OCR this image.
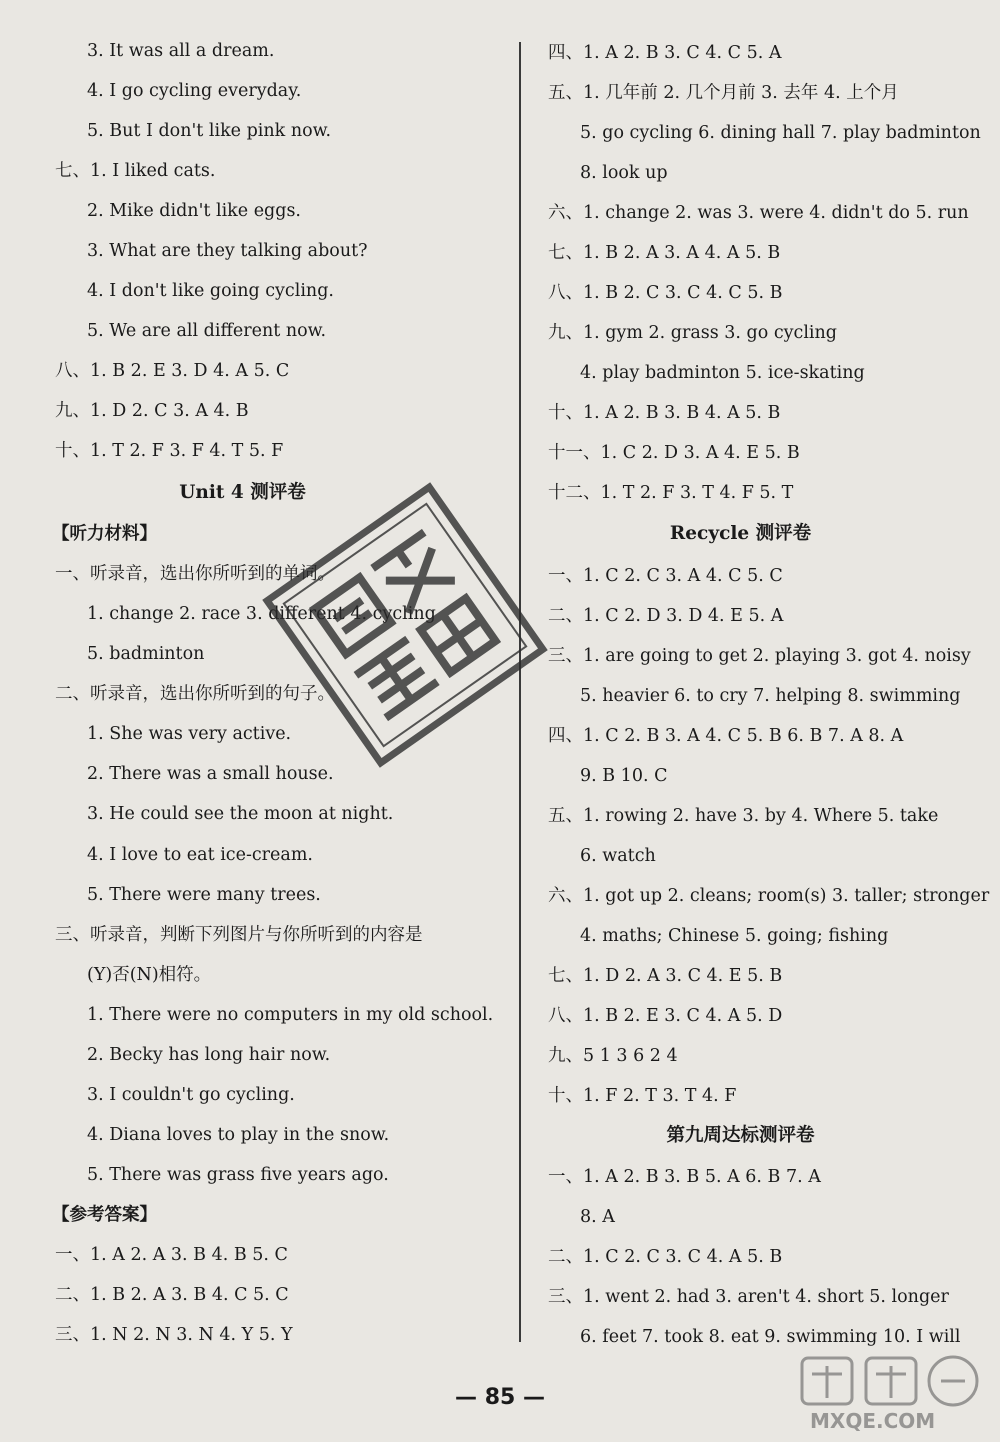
3. It was all a dream.
4. I go cycling everyday.
5. But I don't like pink now.
七、1. I liked cats.
2. Mike didn't like eggs.
3. What are they talking about?
4. I don't like going cycling.
5. We are all different now.
八、1. B 2. E 3. D 4. A 5. C
九、1. D 2. C 3. A 4. B
十、1. T 2. F 3. F 4. T 5. F
Unit 4 测评卷
【听力材料】
一、听录音，选出你所听到的单词。
1. change 2. race 3. different 4. cycling
5. badminton
二、听录音，选出你所听到的句子。
1. She was very active.
2. There was a small house.
3. He could see the moon at night.
4. I love to eat ice-cream.
5. There were many trees.
三、听录音，判断下列图片与你所听到的内容是
(Y)否(N)相符。
1. There were no computers in my old school.
2. Becky has long hair now.
3. I couldn't go cycling.
4. Diana loves to play in the snow.
5. There was grass five years ago.
【参考答案】
一、1. A 2. A 3. B 4. B 5. C
二、1. B 2. A 3. B 4. C 5. C
三、1. N 2. N 3. N 4. Y 5. Y
四、1. A 2. B 3. C 4. C 5. A
五、1. 几年前 2. 几个月前 3. 去年 4. 上个月
5. go cycling 6. dining hall 7. play badminton
8. look up
六、1. change 2. was 3. were 4. didn't do 5. run
七、1. B 2. A 3. A 4. A 5. B
八、1. B 2. C 3. C 4. C 5. B
九、1. gym 2. grass 3. go cycling
4. play badminton 5. ice-skating
十、1. A 2. B 3. B 4. A 5. B
十一、1. C 2. D 3. A 4. E 5. B
十二、1. T 2. F 3. T 4. F 5. T
Recycle 测评卷
一、1. C 2. C 3. A 4. C 5. C
二、1. C 2. D 3. D 4. E 5. A
三、1. are going to get 2. playing 3. got 4. noisy
5. heavier 6. to cry 7. helping 8. swimming
四、1. C 2. B 3. A 4. C 5. B 6. B 7. A 8. A
9. B 10. C
五、1. rowing 2. have 3. by 4. Where 5. take
6. watch
六、1. got up 2. cleans; room(s) 3. taller; stronger
4. maths; Chinese 5. going; fishing
七、1. D 2. A 3. C 4. E 5. B
八、1. B 2. E 3. C 4. A 5. D
九、5 1 3 6 2 4
十、1. F 2. T 3. T 4. F
第九周达标测评卷
一、1. A 2. B 3. B 5. A 6. B 7. A
8. A
二、1. C 2. C 3. C 4. A 5. B
三、1. went 2. had 3. aren't 4. short 5. longer
6. feet 7. took 8. eat 9. swimming 10. I will
— 85 —
MXQE.COM
